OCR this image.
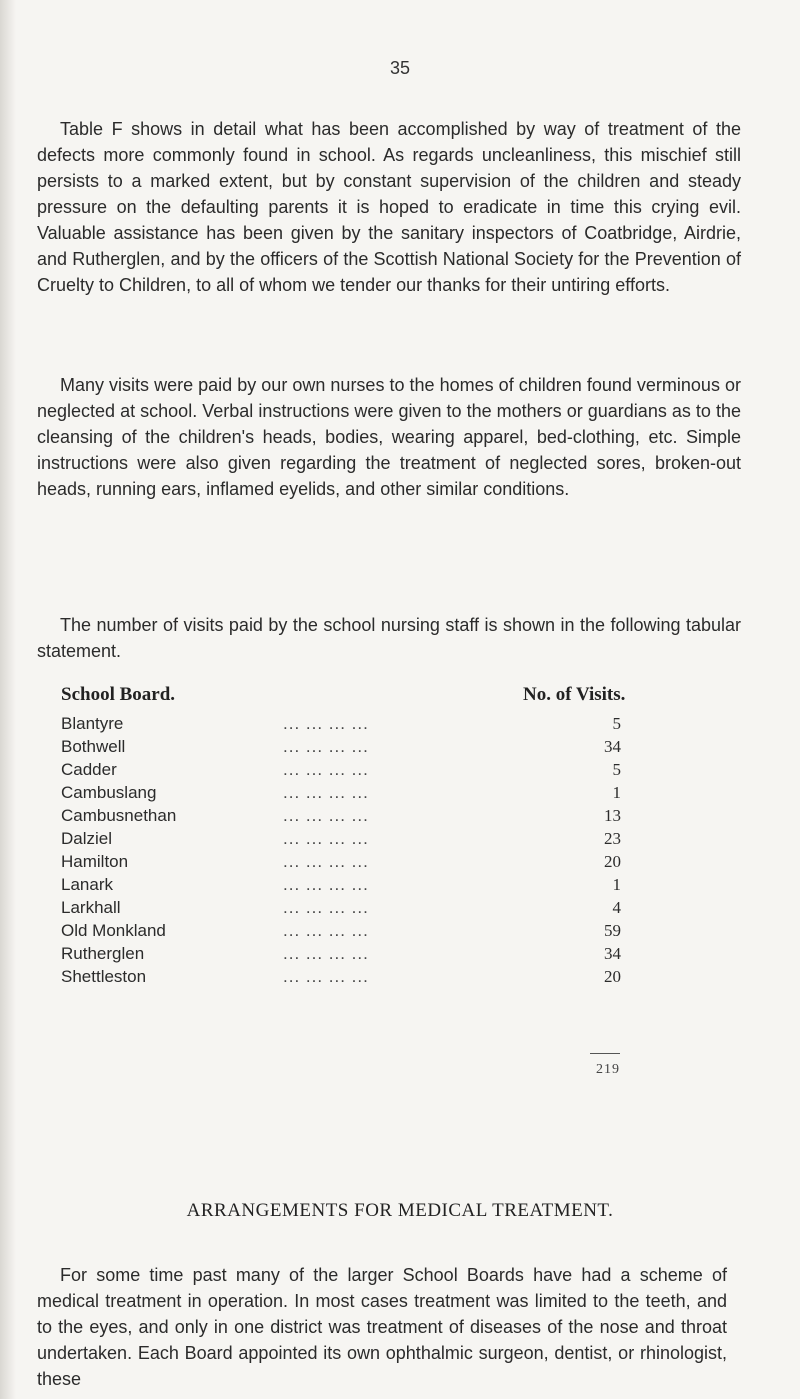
35

Table F shows in detail what has been accomplished by way of treatment of the defects more commonly found in school. As regards uncleanliness, this mischief still persists to a marked extent, but by constant supervision of the children and steady pressure on the defaulting parents it is hoped to eradicate in time this crying evil. Valuable assistance has been given by the sanitary inspectors of Coatbridge, Airdrie, and Rutherglen, and by the officers of the Scottish National Society for the Prevention of Cruelty to Children, to all of whom we tender our thanks for their untiring efforts.

Many visits were paid by our own nurses to the homes of children found verminous or neglected at school. Verbal instructions were given to the mothers or guardians as to the cleansing of the children's heads, bodies, wearing apparel, bed-clothing, etc. Simple instructions were also given regarding the treatment of neglected sores, broken-out heads, running ears, inflamed eyelids, and other similar conditions.

The number of visits paid by the school nursing staff is shown in the following tabular statement.

School Board.	No. of Visits.
Blantyre	... ... ... ...	5
Bothwell	... ... ... ...	34
Cadder	... ... ... ...	5
Cambuslang	... ... ... ...	1
Cambusnethan	... ... ... ...	13
Dalziel	... ... ... ...	23
Hamilton	... ... ... ...	20
Lanark	... ... ... ...	1
Larkhall	... ... ... ...	4
Old Monkland	... ... ... ...	59
Rutherglen	... ... ... ...	34
Shettleston	... ... ... ...	20
219
ARRANGEMENTS FOR MEDICAL TREATMENT.

For some time past many of the larger School Boards have had a scheme of medical treatment in operation. In most cases treatment was limited to the teeth, and to the eyes, and only in one district was treatment of diseases of the nose and throat undertaken. Each Board appointed its own ophthalmic surgeon, dentist, or rhinologist, these
